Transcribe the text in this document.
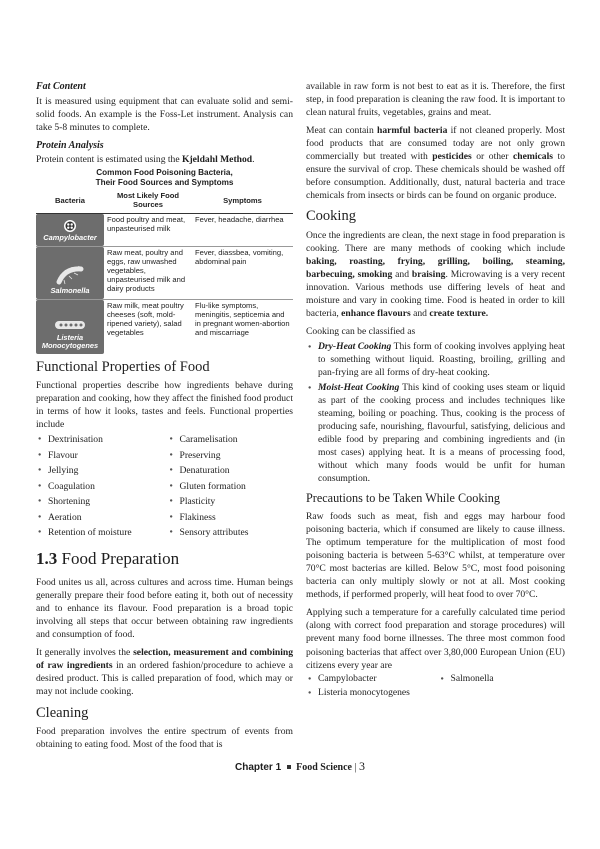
Fat Content

It is measured using equipment that can evaluate solid and semi-solid foods. An example is the Foss-Let instrument. Analysis can take 5-8 minutes to complete.

Protein Analysis

Protein content is estimated using the Kjeldahl Method.

Common Food Poisoning Bacteria,
Their Food Sources and Symptoms
Bacteria	Most Likely Food Sources	Symptoms

Campylobacter	Food poultry and meat, unpasteurised milk	Fever, headache, diarrhea

Salmonella	Raw meat, poultry and eggs, raw unwashed vegetables, unpasteurised milk and dairy products	Fever, diassbea, vomiting, abdominal pain

Listeria Monocytogenes	Raw milk, meat poultry cheeses (soft, mold-ripened variety), salad vegetables	Flu-like symptoms, meningitis, septicemia and in pregnant women-abortion and miscarriage
Functional Properties of Food

Functional properties describe how ingredients behave during preparation and cooking, how they affect the finished food product in terms of how it looks, tastes and feels. Functional properties include

● Dextrinisation	● Caramelisation
● Flavour	● Preserving
● Jellying	● Denaturation
● Coagulation	● Gluten formation
● Shortening	● Plasticity
● Aeration	● Flakiness
● Retention of moisture	● Sensory attributes
1.3 Food Preparation

Food unites us all, across cultures and across time. Human beings generally prepare their food before eating it, both out of necessity and to enhance its flavour. Food preparation is a broad topic involving all steps that occur between obtaining raw ingredients and consumption of food.

It generally involves the selection, measurement and combining of raw ingredients in an ordered fashion/procedure to achieve a desired product. This is called preparation of food, which may or may not include cooking.

Cleaning

Food preparation involves the entire spectrum of events from obtaining to eating food. Most of the food that is

available in raw form is not best to eat as it is. Therefore, the first step, in food preparation is cleaning the raw food. It is important to clean natural fruits, vegetables, grains and meat.

Meat can contain harmful bacteria if not cleaned properly. Most food products that are consumed today are not only grown commercially but treated with pesticides or other chemicals to ensure the survival of crop. These chemicals should be washed off before consumption. Additionally, dust, natural bacteria and trace chemicals from insects or birds can be found on organic produce.

Cooking

Once the ingredients are clean, the next stage in food preparation is cooking. There are many methods of cooking which include baking, roasting, frying, grilling, boiling, steaming, barbecuing, smoking and braising. Microwaving is a very recent innovation. Various methods use differing levels of heat and moisture and vary in cooking time. Food is heated in order to kill bacteria, enhance flavours and create texture.

Cooking can be classified as

● Dry-Heat Cooking This form of cooking involves applying heat to something without liquid. Roasting, broiling, grilling and pan-frying are all forms of dry-heat cooking.
● Moist-Heat Cooking This kind of cooking uses steam or liquid as part of the cooking process and includes techniques like steaming, boiling or poaching. Thus, cooking is the process of producing safe, nourishing, flavourful, satisfying, delicious and edible food by preparing and combining ingredients and (in most cases) applying heat. It is a means of processing food, without which many foods would be unfit for human consumption.
Precautions to be Taken While Cooking

Raw foods such as meat, fish and eggs may harbour food poisoning bacteria, which if consumed are likely to cause illness. The optimum temperature for the multiplication of most food poisoning bacteria is between 5-63°C whilst, at temperature over 70°C most bacterias are killed. Below 5°C, most food poisoning bacteria can only multiply slowly or not at all. Most cooking methods, if performed properly, will heat food to over 70°C.

Applying such a temperature for a carefully calculated time period (along with correct food preparation and storage procedures) will prevent many food borne illnesses. The three most common food poisoning bacterias that affect over 3,80,000 European Union (EU) citizens every year are

● Campylobacter	● Salmonella
● Listeria monocytogenes
Chapter 1 Food Science | 3
